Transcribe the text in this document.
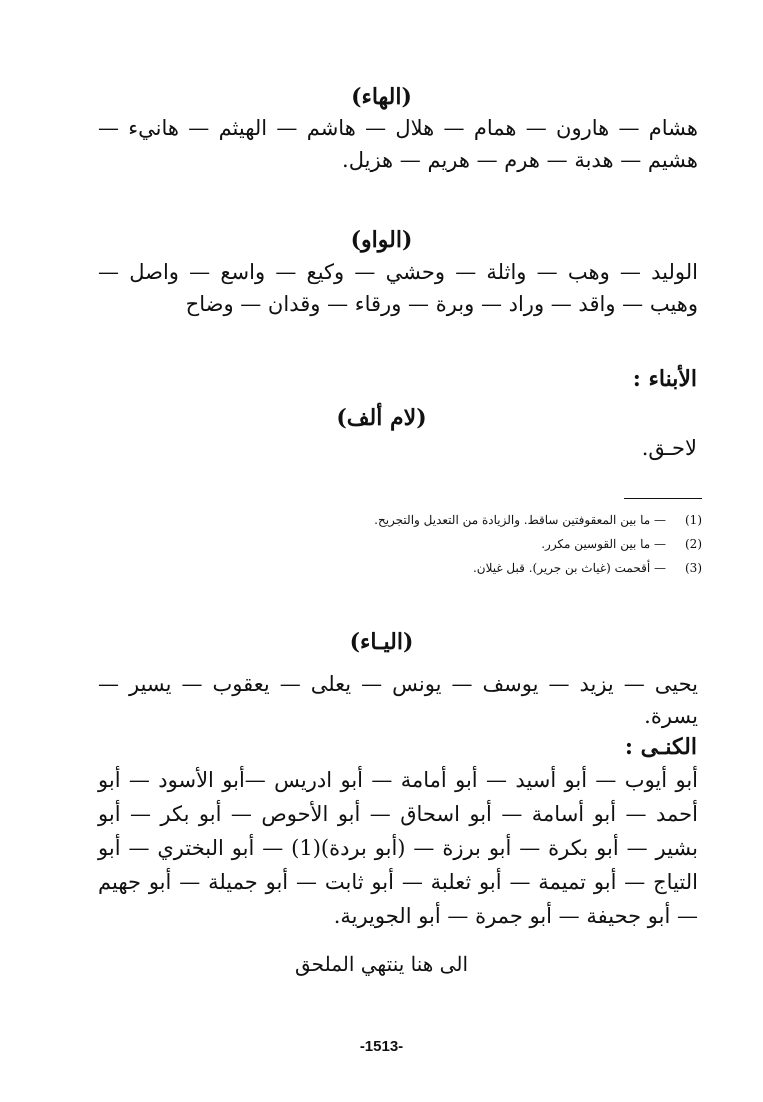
(الهاء)
هشام — هارون — همام — هلال — هاشم — الهيثم — هانيء — هشيم — هدبة — هرم — هريم — هزيل.
(الواو)
الوليد — وهب — واثلة — وحشي — وكيع — واسع — واصل — وهيب — واقد — وراد — وبرة — ورقاء — وقدان — وضاح
الأبناء :
(لام ألف)
لاحـق.
(1)— ما بين المعقوفتين ساقط. والزيادة من التعديل والتجريح.
(2)— ما بين القوسين مكرر.
(3)— أقحمت (غياث بن جرير). قبل غيلان.
(اليـاء)
يحيى — يزيد — يوسف — يونس — يعلى — يعقوب — يسير — يسرة.
الكنـى :
أبو أيوب — أبو أسيد — أبو أمامة — أبو ادريس —أبو الأسود — أبو أحمد — أبو أسامة — أبو اسحاق — أبو الأحوص — أبو بكر — أبو بشير — أبو بكرة — أبو برزة — (أبو بردة)(1) — أبو البختري — أبو التياج — أبو تميمة — أبو ثعلبة — أبو ثابت — أبو جميلة — أبو جهيم — أبو جحيفة — أبو جمرة — أبو الجويرية.
الى هنا ينتهي الملحق
-1513-
